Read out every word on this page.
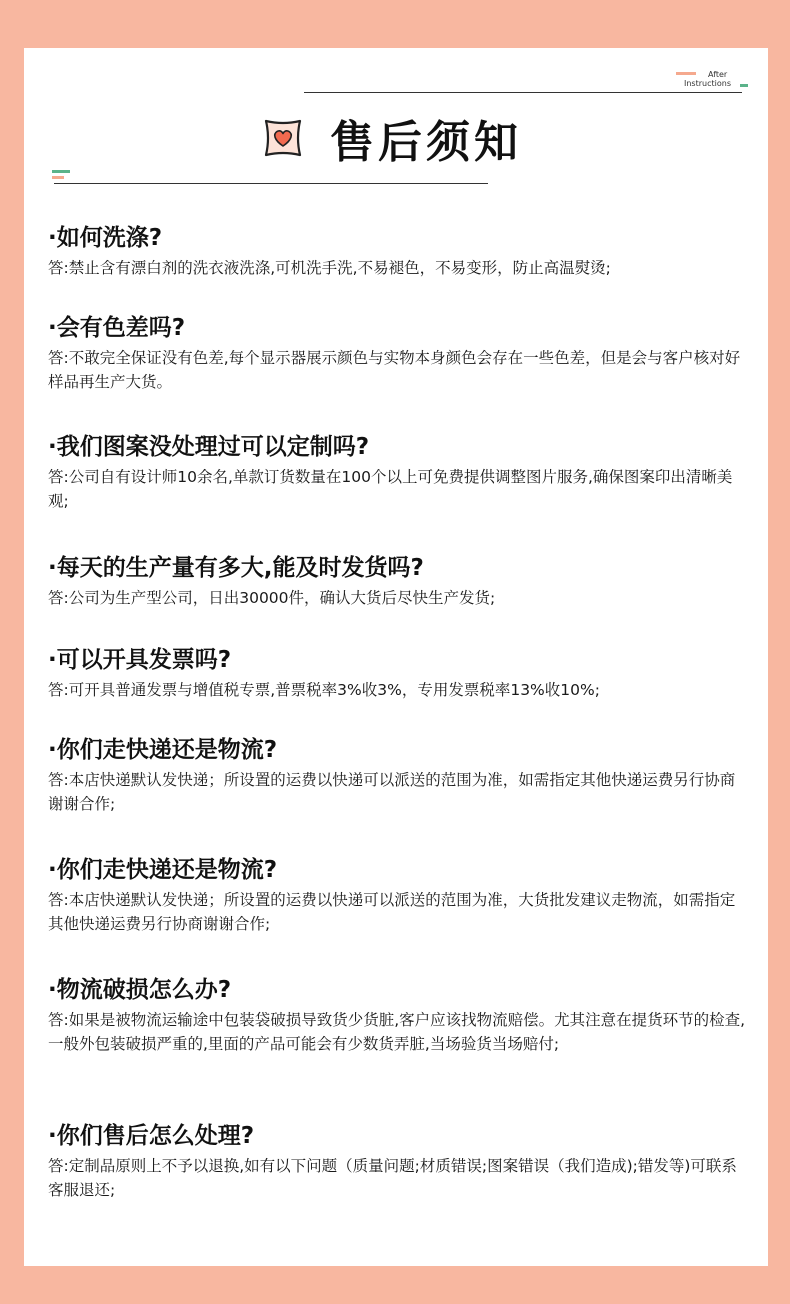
After
Instructions
售后须知
·如何洗涤?
答:禁止含有漂白剂的洗衣液洗涤,可机洗手洗,不易褪色，不易变形，防止高温熨烫;
·会有色差吗?
答:不敢完全保证没有色差,每个显示器展示颜色与实物本身颜色会存在一些色差，但是会与客户核对好样品再生产大货。
·我们图案没处理过可以定制吗?
答:公司自有设计师10余名,单款订货数量在100个以上可免费提供调整图片服务,确保图案印出清晰美观;
·每天的生产量有多大,能及时发货吗?
答:公司为生产型公司，日出30000件，确认大货后尽快生产发货;
·可以开具发票吗?
答:可开具普通发票与增值税专票,普票税率3%收3%，专用发票税率13%收10%;
·你们走快递还是物流?
答:本店快递默认发快递；所设置的运费以快递可以派送的范围为准，如需指定其他快递运费另行协商谢谢合作;
·你们走快递还是物流?
答:本店快递默认发快递；所设置的运费以快递可以派送的范围为准，大货批发建议走物流，如需指定其他快递运费另行协商谢谢合作;
·物流破损怎么办?
答:如果是被物流运输途中包装袋破损导致货少货脏,客户应该找物流赔偿。尤其注意在提货环节的检查,一般外包装破损严重的,里面的产品可能会有少数货弄脏,当场验货当场赔付;
·你们售后怎么处理?
答:定制品原则上不予以退换,如有以下问题（质量问题;材质错误;图案错误（我们造成);错发等)可联系客服退还;
